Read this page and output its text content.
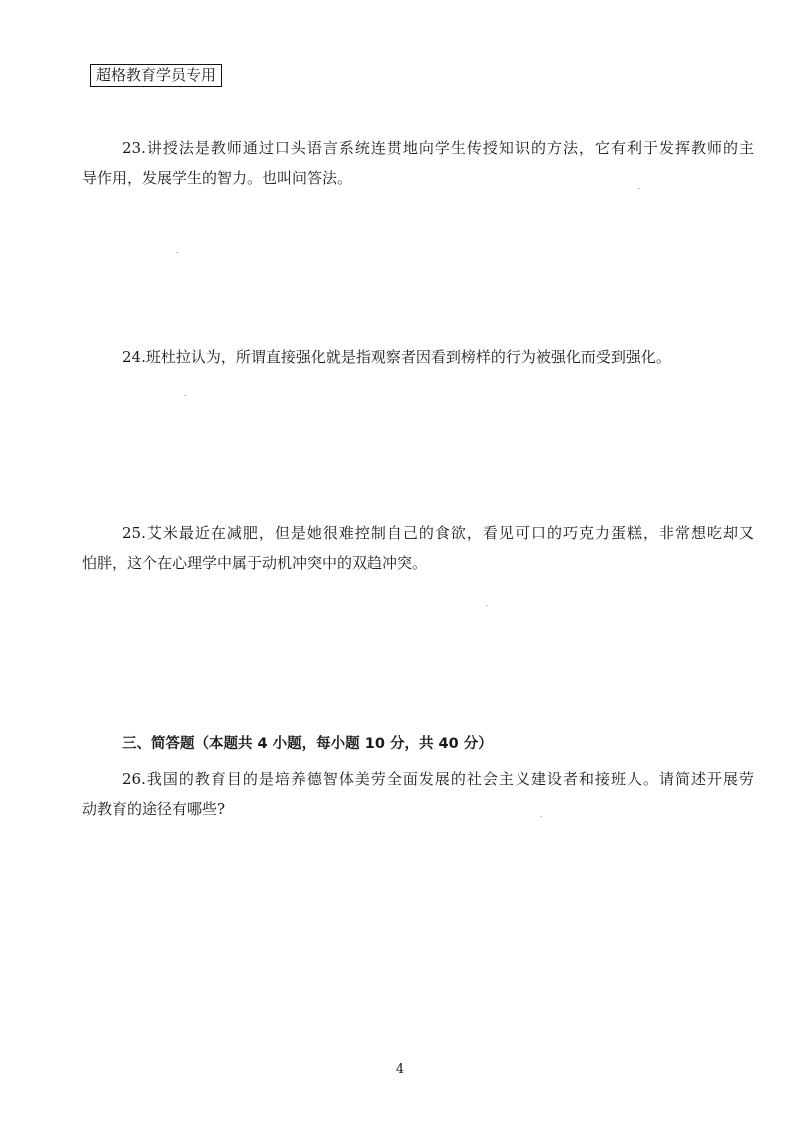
超格教育学员专用
23.讲授法是教师通过口头语言系统连贯地向学生传授知识的方法，它有利于发挥教师的主
导作用，发展学生的智力。也叫问答法。
24.班杜拉认为，所谓直接强化就是指观察者因看到榜样的行为被强化而受到强化。
25.艾米最近在减肥，但是她很难控制自己的食欲，看见可口的巧克力蛋糕，非常想吃却又
怕胖，这个在心理学中属于动机冲突中的双趋冲突。
三、简答题（本题共 4 小题，每小题 10 分，共 40 分）
26.我国的教育目的是培养德智体美劳全面发展的社会主义建设者和接班人。请简述开展劳
动教育的途径有哪些?
4
